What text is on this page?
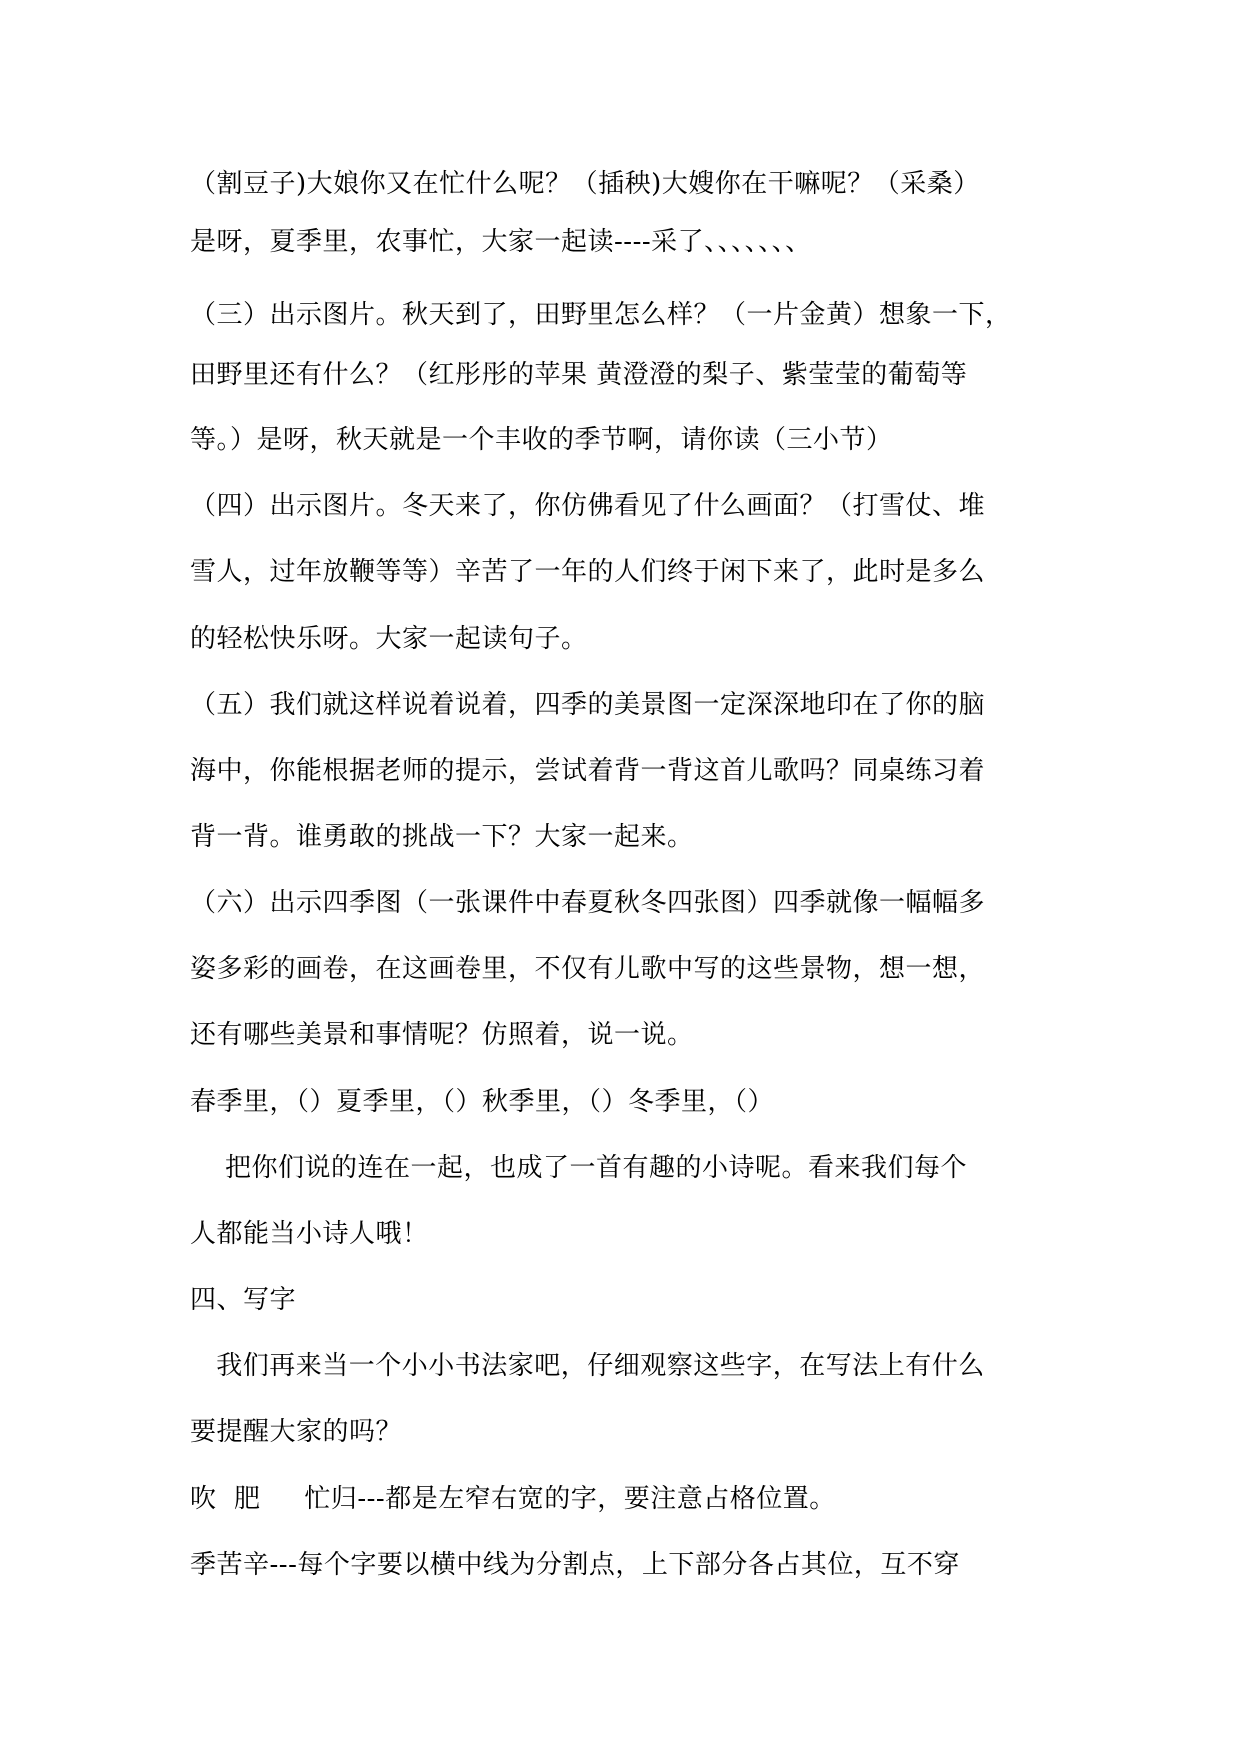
（割豆子)大娘你又在忙什么呢？（插秧)大嫂你在干嘛呢？（采桑）
是呀，夏季里，农事忙，大家一起读----采了、、、、、、、
（三）出示图片。秋天到了，田野里怎么样？（一片金黄）想象一下，
田野里还有什么？（红彤彤的苹果 黄澄澄的梨子、紫莹莹的葡萄等
等。）是呀，秋天就是一个丰收的季节啊，请你读（三小节）
（四）出示图片。冬天来了，你仿佛看见了什么画面？（打雪仗、堆
雪人，过年放鞭等等）辛苦了一年的人们终于闲下来了，此时是多么
的轻松快乐呀。大家一起读句子。
（五）我们就这样说着说着，四季的美景图一定深深地印在了你的脑
海中，你能根据老师的提示，尝试着背一背这首儿歌吗？同桌练习着
背一背。谁勇敢的挑战一下？大家一起来。
（六）出示四季图（一张课件中春夏秋冬四张图）四季就像一幅幅多
姿多彩的画卷，在这画卷里，不仅有儿歌中写的这些景物，想一想，
还有哪些美景和事情呢？仿照着，说一说。
春季里，（）夏季里，（）秋季里，（）冬季里，（）
把你们说的连在一起，也成了一首有趣的小诗呢。看来我们每个
人都能当小诗人哦！
四、写字
我们再来当一个小小书法家吧，仔细观察这些字，在写法上有什么
要提醒大家的吗？
吹  肥     忙归---都是左窄右宽的字，要注意占格位置。
季苦辛---每个字要以横中线为分割点，上下部分各占其位，互不穿
